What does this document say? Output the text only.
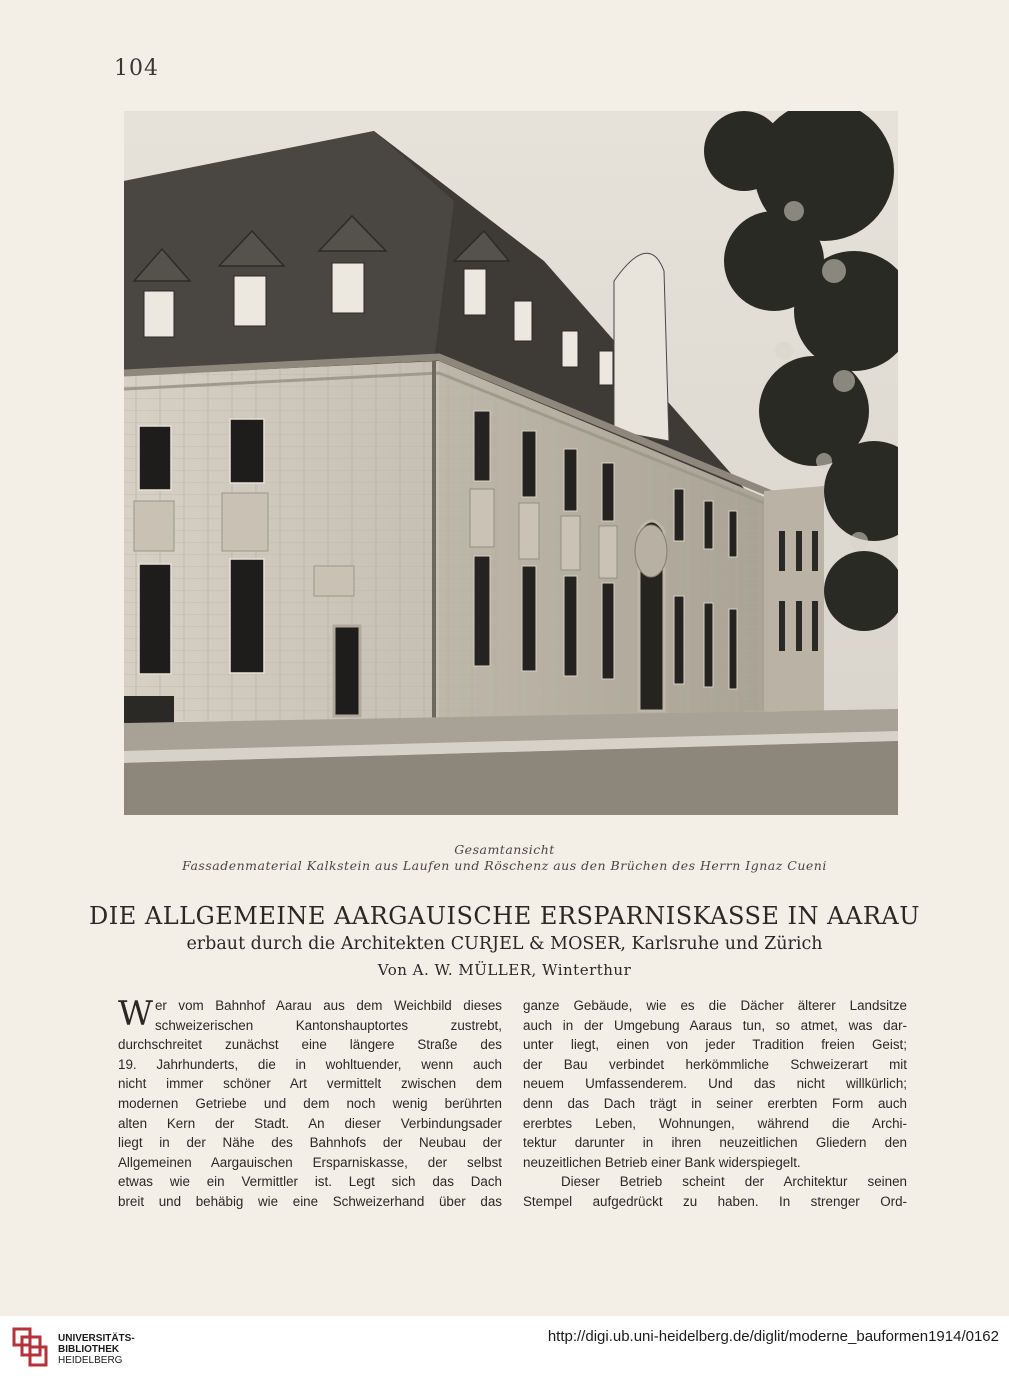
104
Gesamtansicht
Fassadenmaterial Kalkstein aus Laufen und Röschenz aus den Brüchen des Herrn Ignaz Cueni
DIE ALLGEMEINE AARGAUISCHE ERSPARNISKASSE IN AARAU
erbaut durch die Architekten CURJEL & MOSER, Karlsruhe und Zürich
Von A. W. MÜLLER, Winterthur
W er vom Bahnhof Aarau aus dem Weichbild dieses
schweizerischen Kantonshauptortes zustrebt,
durchschreitet zunächst eine längere Straße des
19. Jahrhunderts, die in wohltuender, wenn auch
nicht immer schöner Art vermittelt zwischen dem
modernen Getriebe und dem noch wenig berührten
alten Kern der Stadt. An dieser Verbindungsader
liegt in der Nähe des Bahnhofs der Neubau der
Allgemeinen Aargauischen Ersparniskasse, der selbst
etwas wie ein Vermittler ist. Legt sich das Dach
breit und behäbig wie eine Schweizerhand über das
ganze Gebäude, wie es die Dächer älterer Landsitze
auch in der Umgebung Aaraus tun, so atmet, was dar-
unter liegt, einen von jeder Tradition freien Geist;
der Bau verbindet herkömmliche Schweizerart mit
neuem Umfassenderem. Und das nicht willkürlich;
denn das Dach trägt in seiner ererbten Form auch
ererbtes Leben, Wohnungen, während die Archi-
tektur darunter in ihren neuzeitlichen Gliedern den
neuzeitlichen Betrieb einer Bank widerspiegelt.
Dieser Betrieb scheint der Architektur seinen
Stempel aufgedrückt zu haben. In strenger Ord-
UNIVERSITÄTS-
BIBLIOTHEK
HEIDELBERG
http://digi.ub.uni-heidelberg.de/diglit/moderne_bauformen1914/0162
